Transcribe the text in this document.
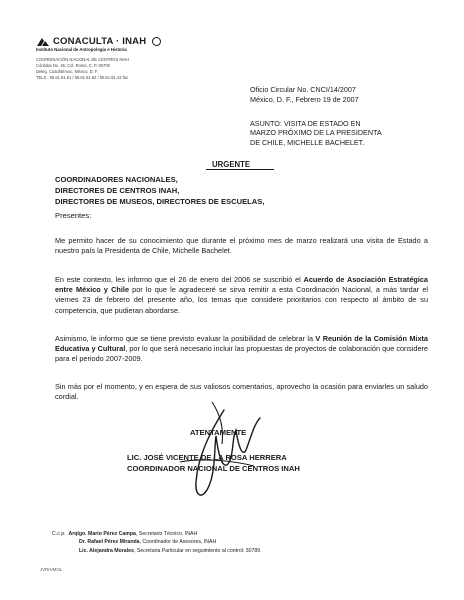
CONACULTA · INAH
Instituto Nacional de Antropología e Historia
COORDINACIÓN NACIONAL DE CENTROS INAH
Córdoba No. 45, Col. Roma, C. P. 06700
Deleg. Cuauhtémoc, México, D. F.
TELS.: 50.61.91.81 / 50.61.91.82 / 50.61.91.43 fax
Oficio Circular No. CNCI/14/2007
México, D. F., Febrero 19 de 2007
ASUNTO: VISITA DE ESTADO EN
MARZO PRÓXIMO DE LA PRESIDENTA
DE CHILE, MICHELLE BACHELET.
URGENTE
COORDINADORES NACIONALES,
DIRECTORES DE CENTROS INAH,
DIRECTORES DE MUSEOS, DIRECTORES DE ESCUELAS,
Presentes:
Me permito hacer de su conocimiento que durante el próximo mes de marzo realizará una visita de Estado a nuestro país la Presidenta de Chile, Michelle Bachelet.
En este contexto, les informo que el 26 de enero del 2006 se suscribió el Acuerdo de Asociación Estratégica entre México y Chile por lo que le agradeceré se sirva remitir a esta Coordinación Nacional, a más tardar el viernes 23 de febrero del presente año, los temas que considere prioritarios con respecto al ámbito de su competencia, que pudieran abordarse.
Asimismo, le informo que se tiene previsto evaluar la posibilidad de celebrar la V Reunión de la Comisión Mixta Educativa y Cultural, por lo que será necesario incluir las propuestas de proyectos de colaboración que considere para el periodo 2007-2009.
Sin más por el momento, y en espera de sus valiosos comentarios, aprovecho la ocasión para enviarles un saludo cordial.
ATENTAMENTE
LIC. JOSÉ VICENTE DE LA ROSA HERRERA
COORDINADOR NACIONAL DE CENTROS INAH
C.c.p. Arqlgo. Mario Pérez Campa, Secretario Técnico, INAH
Dr. Rafael Pérez Miranda, Coordinador de Asesores, INAH
Lic. Alejandra Morales, Secretaria Particular en seguimiento al control: 30789
JVRH/MOL
